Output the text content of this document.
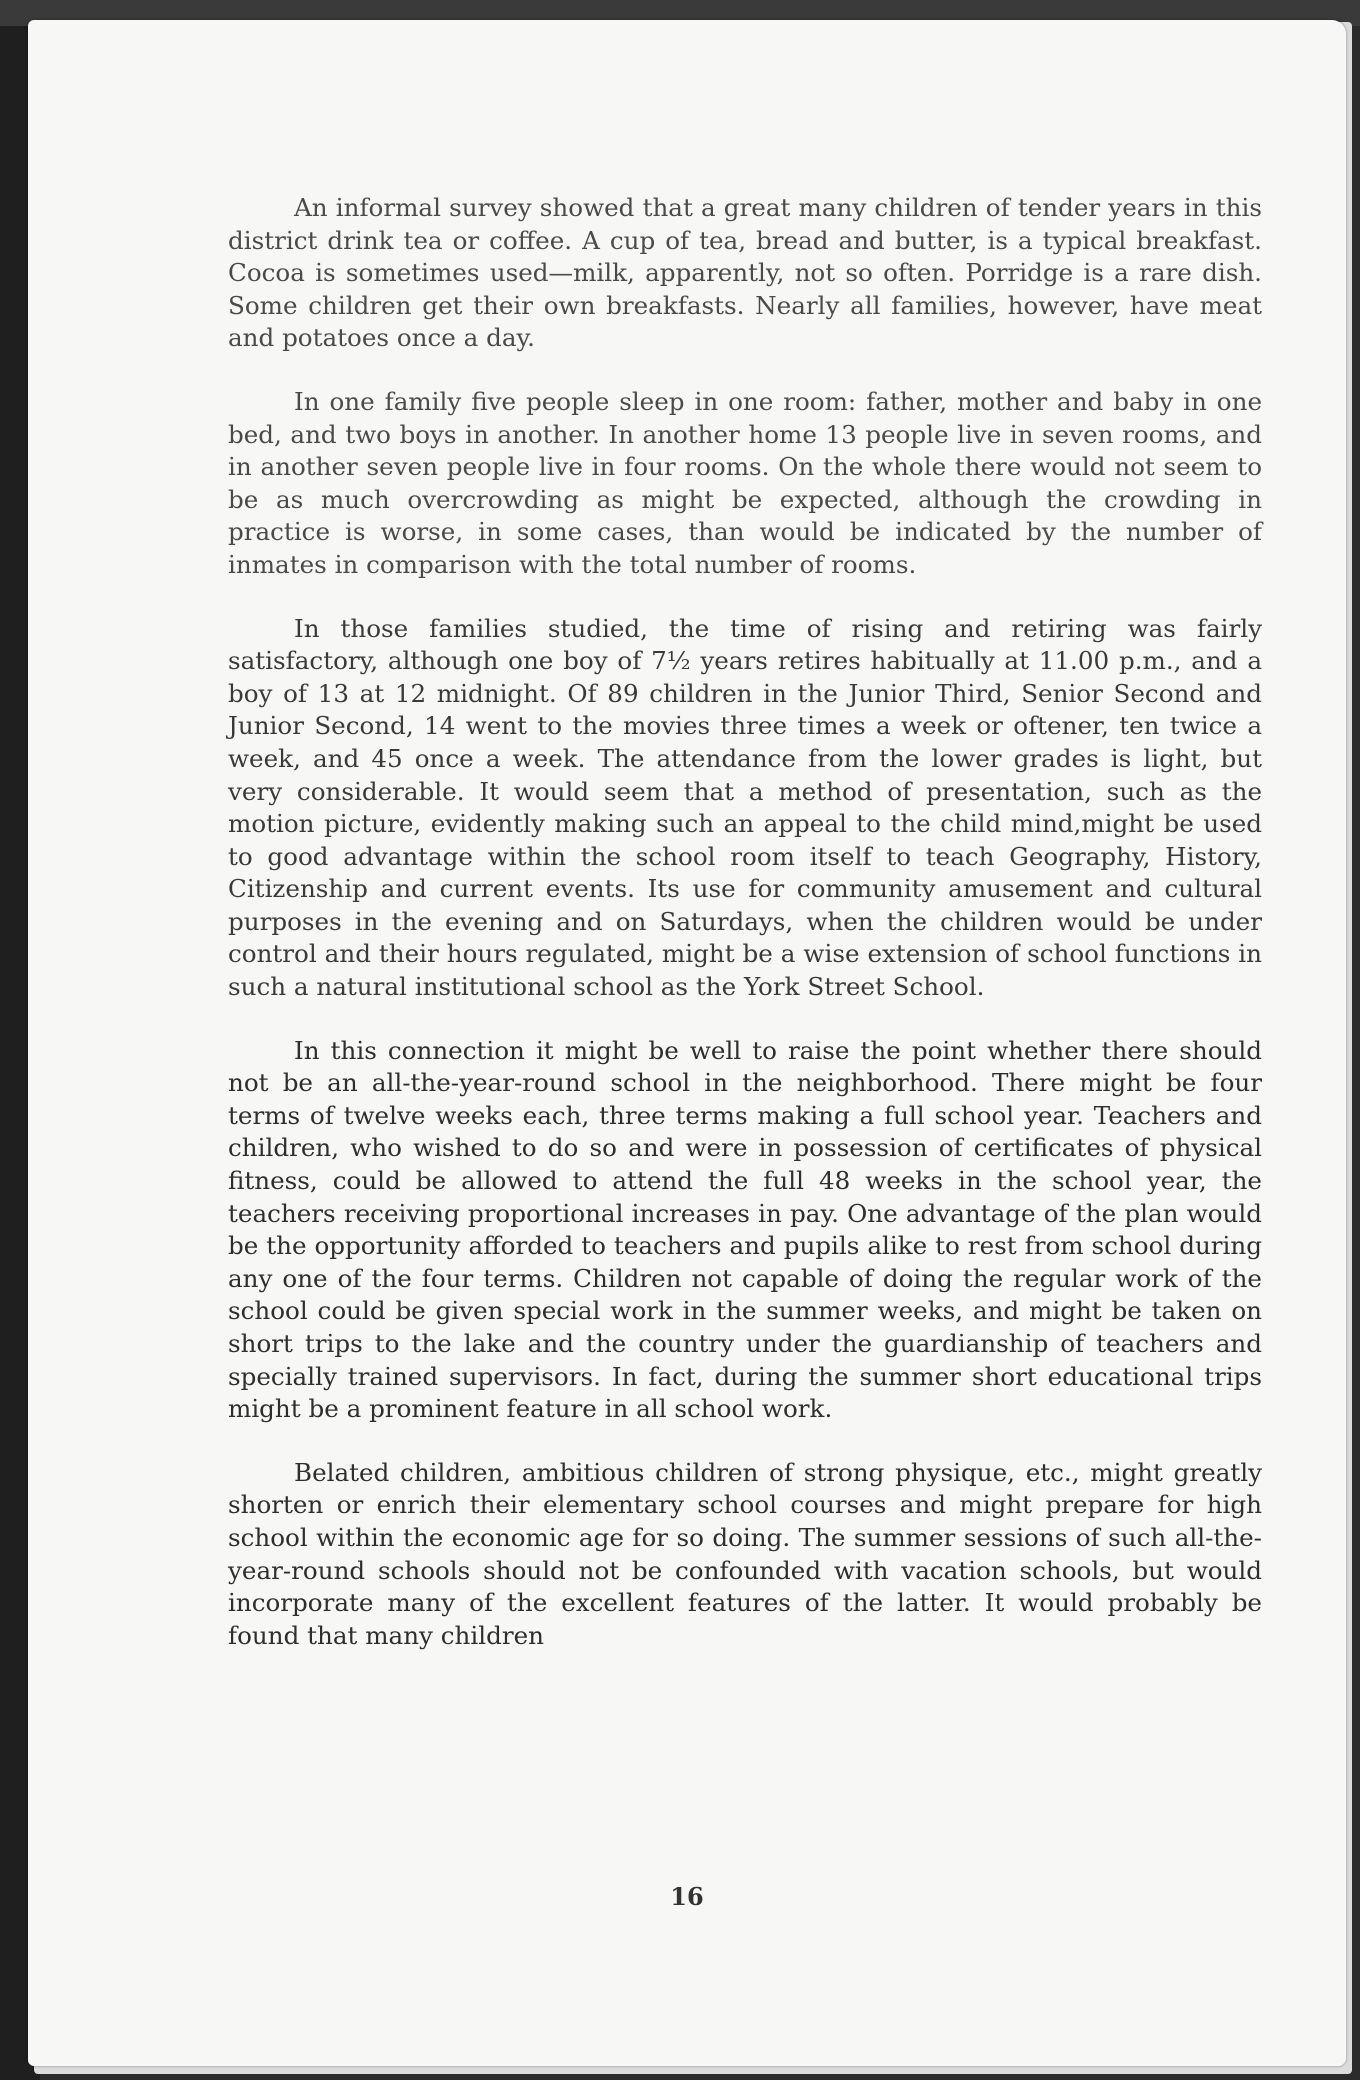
An informal survey showed that a great many children of tender years in this district drink tea or coffee. A cup of tea, bread and butter, is a typical breakfast. Cocoa is sometimes used—milk, apparently, not so often. Porridge is a rare dish. Some children get their own breakfasts. Nearly all families, however, have meat and potatoes once a day.

In one family five people sleep in one room: father, mother and baby in one bed, and two boys in another. In another home 13 people live in seven rooms, and in another seven people live in four rooms. On the whole there would not seem to be as much overcrowding as might be expected, although the crowding in practice is worse, in some cases, than would be indicated by the number of inmates in comparison with the total number of rooms.

In those families studied, the time of rising and retiring was fairly satisfactory, although one boy of 7½ years retires habitually at 11.00 p.m., and a boy of 13 at 12 midnight. Of 89 children in the Junior Third, Senior Second and Junior Second, 14 went to the movies three times a week or oftener, ten twice a week, and 45 once a week. The attendance from the lower grades is light, but very considerable. It would seem that a method of presentation, such as the motion picture, evidently making such an appeal to the child mind,might be used to good advantage within the school room itself to teach Geography, History, Citizenship and current events. Its use for community amusement and cultural purposes in the evening and on Saturdays, when the children would be under control and their hours regulated, might be a wise extension of school functions in such a natural institutional school as the York Street School.

In this connection it might be well to raise the point whether there should not be an all-the-year-round school in the neighborhood. There might be four terms of twelve weeks each, three terms making a full school year. Teachers and children, who wished to do so and were in possession of certificates of physical fitness, could be allowed to attend the full 48 weeks in the school year, the teachers receiving proportional increases in pay. One advantage of the plan would be the opportunity afforded to teachers and pupils alike to rest from school during any one of the four terms. Children not capable of doing the regular work of the school could be given special work in the summer weeks, and might be taken on short trips to the lake and the country under the guardianship of teachers and specially trained supervisors. In fact, during the summer short educational trips might be a prominent feature in all school work.

Belated children, ambitious children of strong physique, etc., might greatly shorten or enrich their elementary school courses and might prepare for high school within the economic age for so doing. The summer sessions of such all-the-year-round schools should not be confounded with vacation schools, but would incorporate many of the excellent features of the latter. It would probably be found that many children

16
